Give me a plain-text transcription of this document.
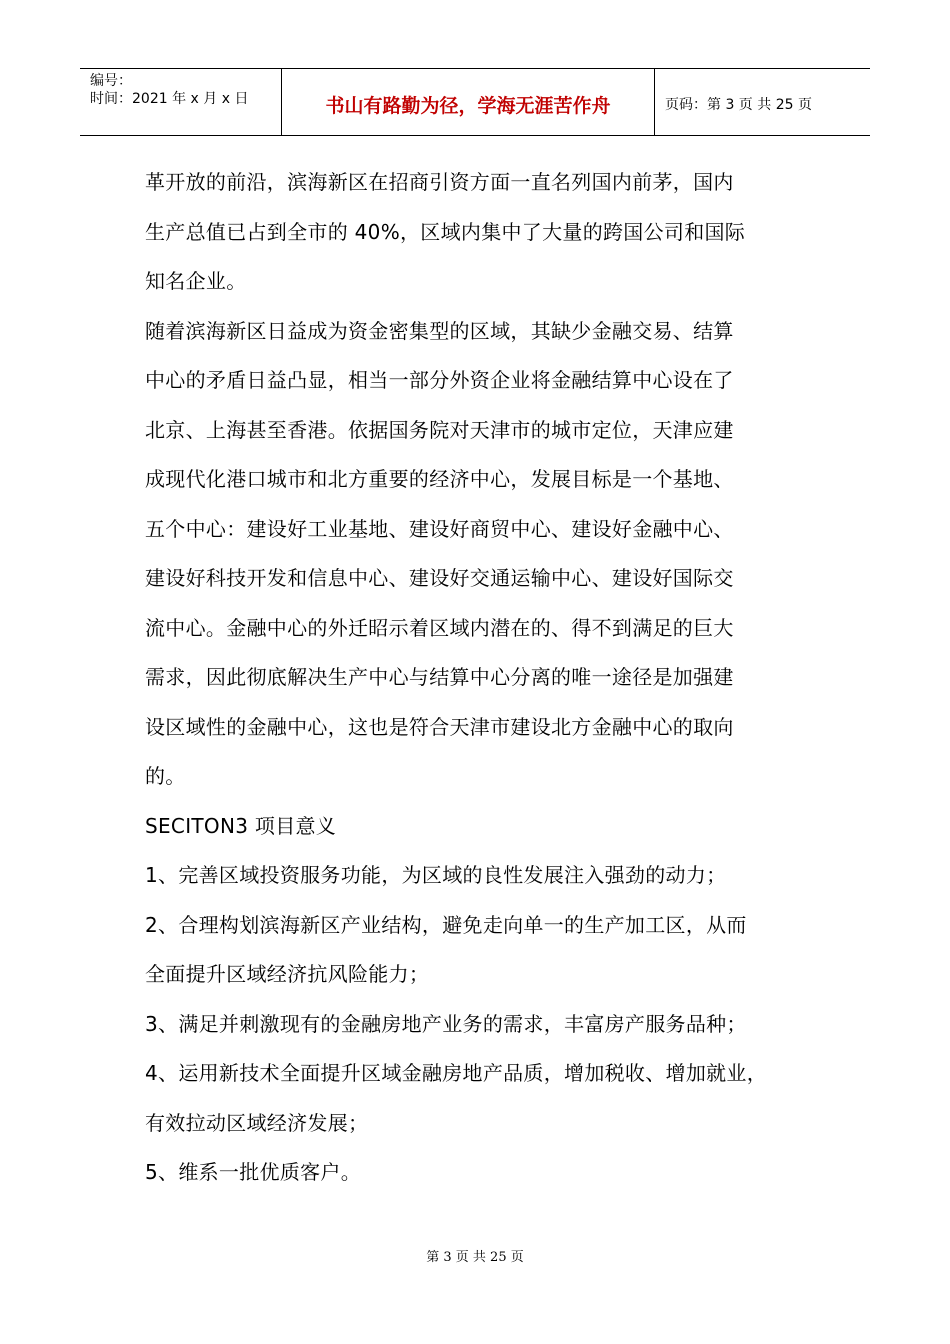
编号：
时间：2021 年 x 月 x 日	书山有路勤为径，学海无涯苦作舟	页码：第 3 页 共 25 页

革开放的前沿，滨海新区在招商引资方面一直名列国内前茅，国内

生产总值已占到全市的 40%，区域内集中了大量的跨国公司和国际

知名企业。

随着滨海新区日益成为资金密集型的区域，其缺少金融交易、结算

中心的矛盾日益凸显，相当一部分外资企业将金融结算中心设在了

北京、上海甚至香港。依据国务院对天津市的城市定位，天津应建

成现代化港口城市和北方重要的经济中心，发展目标是一个基地、

五个中心：建设好工业基地、建设好商贸中心、建设好金融中心、

建设好科技开发和信息中心、建设好交通运输中心、建设好国际交

流中心。金融中心的外迁昭示着区域内潜在的、得不到满足的巨大

需求，因此彻底解决生产中心与结算中心分离的唯一途径是加强建

设区域性的金融中心，这也是符合天津市建设北方金融中心的取向

的。

SECITON3 项目意义

1、完善区域投资服务功能，为区域的良性发展注入强劲的动力；

2、合理构划滨海新区产业结构，避免走向单一的生产加工区，从而

全面提升区域经济抗风险能力；

3、满足并刺激现有的金融房地产业务的需求，丰富房产服务品种；

4、运用新技术全面提升区域金融房地产品质，增加税收、增加就业，

有效拉动区域经济发展；

5、维系一批优质客户。

第 3 页 共 25 页
